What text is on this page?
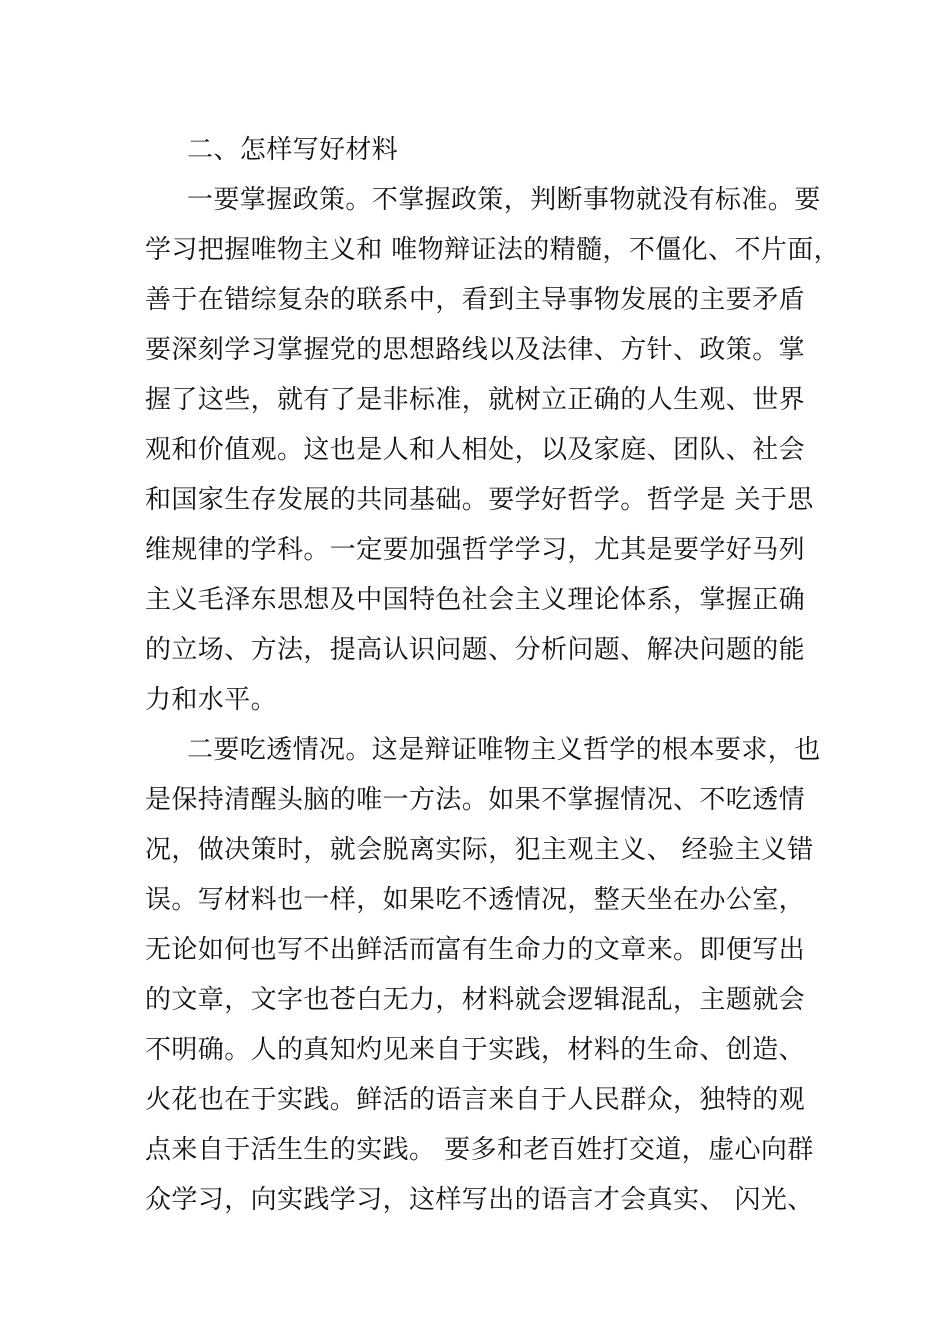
二、怎样写好材料
一要掌握政策。不掌握政策，判断事物就没有标准。要
学习把握唯物主义和 唯物辩证法的精髓，不僵化、不片面，
善于在错综复杂的联系中，看到主导事物发展的主要矛盾
要深刻学习掌握党的思想路线以及法律、方针、政策。掌
握了这些，就有了是非标准，就树立正确的人生观、世界
观和价值观。这也是人和人相处，以及家庭、团队、社会
和国家生存发展的共同基础。要学好哲学。哲学是 关于思
维规律的学科。一定要加强哲学学习，尤其是要学好马列
主义毛泽东思想及中国特色社会主义理论体系，掌握正确
的立场、方法，提高认识问题、分析问题、解决问题的能
力和水平。
二要吃透情况。这是辩证唯物主义哲学的根本要求，也
是保持清醒头脑的唯一方法。如果不掌握情况、不吃透情
况，做决策时，就会脱离实际，犯主观主义、 经验主义错
误。写材料也一样，如果吃不透情况，整天坐在办公室，
无论如何也写不出鲜活而富有生命力的文章来。即便写出
的文章，文字也苍白无力，材料就会逻辑混乱，主题就会
不明确。人的真知灼见来自于实践，材料的生命、创造、
火花也在于实践。鲜活的语言来自于人民群众，独特的观
点来自于活生生的实践。 要多和老百姓打交道，虚心向群
众学习，向实践学习，这样写出的语言才会真实、 闪光、
